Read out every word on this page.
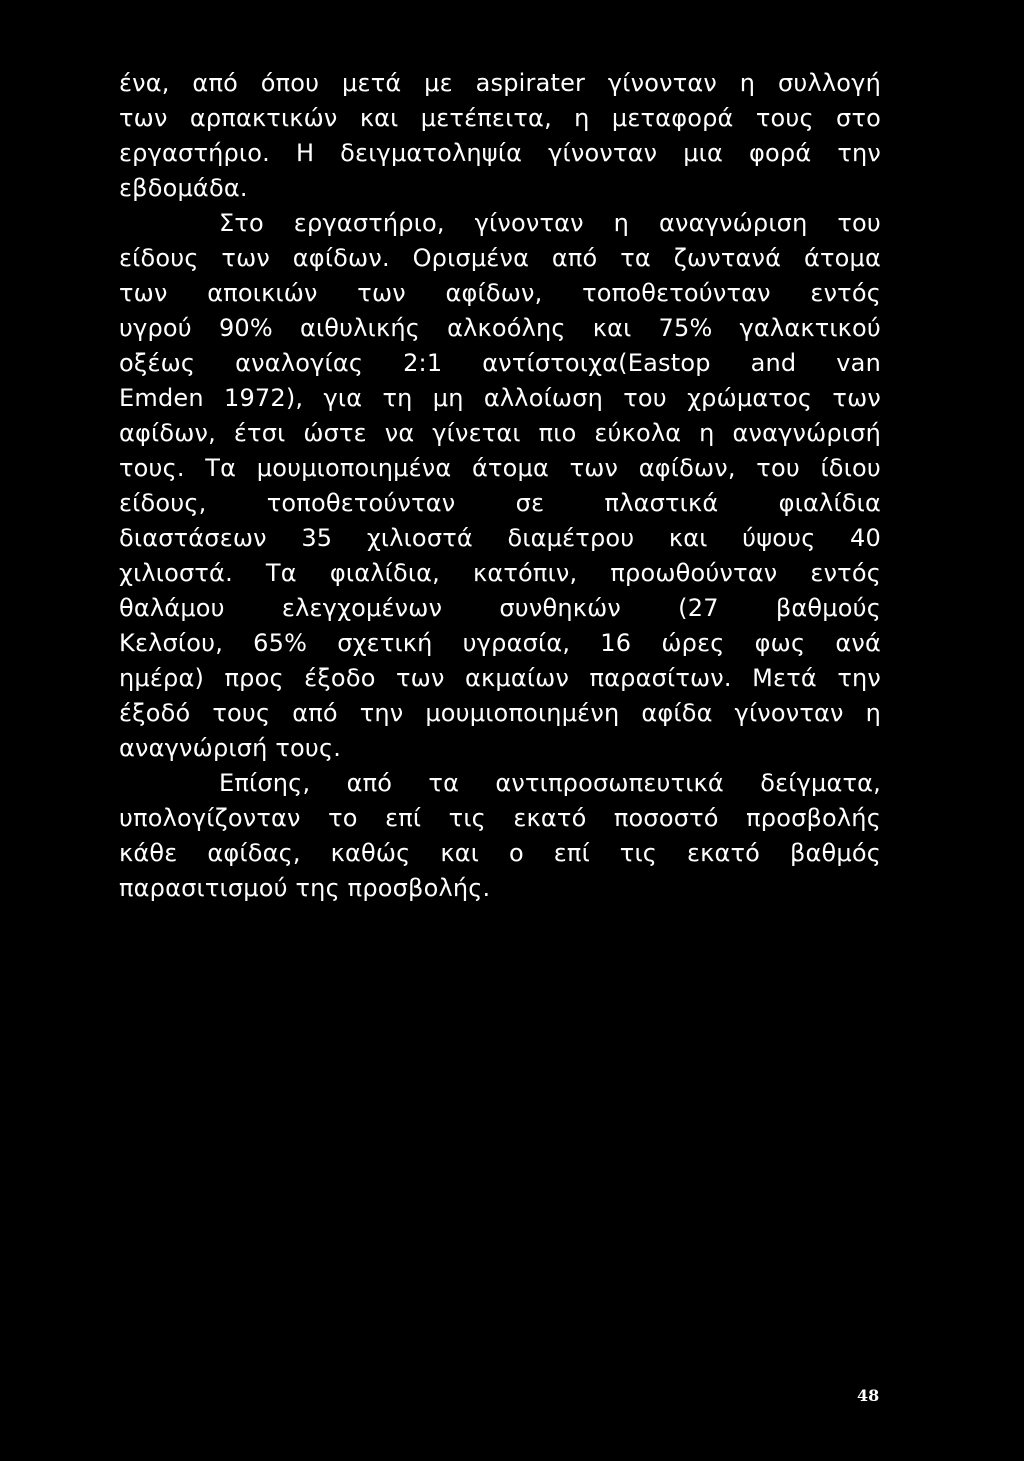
ένα, από όπου μετά με aspirater γίνονταν η συλλογή
των αρπακτικών και μετέπειτα, η μεταφορά τους στο
εργαστήριο. Η δειγματοληψία γίνονταν μια φορά την
εβδομάδα.
Στο εργαστήριο, γίνονταν η αναγνώριση του
είδους των αφίδων. Ορισμένα από τα ζωντανά άτομα
των αποικιών των αφίδων, τοποθετούνταν εντός
υγρού 90% αιθυλικής αλκοόλης και 75% γαλακτικού
οξέως αναλογίας 2:1 αντίστοιχα(Eastop and van
Emden 1972), για τη μη αλλοίωση του χρώματος των
αφίδων, έτσι ώστε να γίνεται πιο εύκολα η αναγνώρισή
τους. Τα μουμιοποιημένα άτομα των αφίδων, του ίδιου
είδους, τοποθετούνταν σε πλαστικά φιαλίδια
διαστάσεων 35 χιλιοστά διαμέτρου και ύψους 40
χιλιοστά. Τα φιαλίδια, κατόπιν, προωθούνταν εντός
θαλάμου ελεγχομένων συνθηκών (27 βαθμούς
Κελσίου, 65% σχετική υγρασία, 16 ώρες φως ανά
ημέρα) προς έξοδο των ακμαίων παρασίτων. Μετά την
έξοδό τους από την μουμιοποιημένη αφίδα γίνονταν η
αναγνώρισή τους.
Επίσης, από τα αντιπροσωπευτικά δείγματα,
υπολογίζονταν το επί τις εκατό ποσοστό προσβολής
κάθε αφίδας, καθώς και ο επί τις εκατό βαθμός
παρασιτισμού της προσβολής.
48
